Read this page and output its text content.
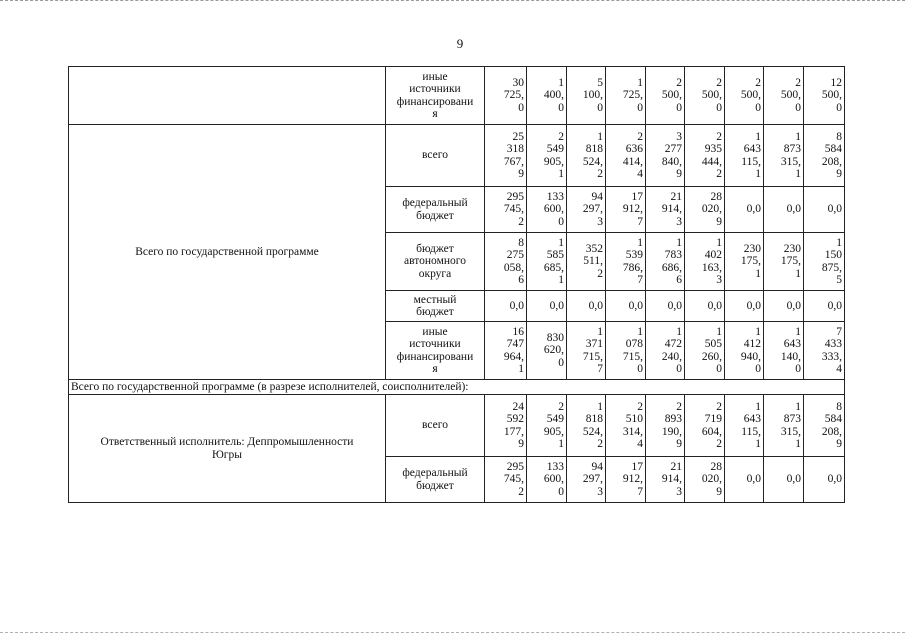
9

	иные
источники
финансировани
я	30
725,
0	1
400,
0	5
100,
0	1
725,
0	2
500,
0	2
500,
0	2
500,
0	2
500,
0	12
500,
0

Всего по государственной программе	всего	25
318
767,
9	2
549
905,
1	1
818
524,
2	2
636
414,
4	3
277
840,
9	2
935
444,
2	1
643
115,
1	1
873
315,
1	8
584
208,
9

	федеральный
бюджет	295
745,
2	133
600,
0	94
297,
3	17
912,
7	21
914,
3	28
020,
9	0,0	0,0	0,0

	бюджет
автономного
округа	8
275
058,
6	1
585
685,
1	352
511,
2	1
539
786,
7	1
783
686,
6	1
402
163,
3	230
175,
1	230
175,
1	1
150
875,
5

	местный
бюджет	0,0	0,0	0,0	0,0	0,0	0,0	0,0	0,0	0,0

	иные
источники
финансировани
я	16
747
964,
1	830
620,
0	1
371
715,
7	1
078
715,
0	1
472
240,
0	1
505
260,
0	1
412
940,
0	1
643
140,
0	7
433
333,
4

Всего по государственной программе (в разрезе исполнителей, соисполнителей):										
Ответственный исполнитель: Деппромышленности
Югры	всего	24
592
177,
9	2
549
905,
1	1
818
524,
2	2
510
314,
4	2
893
190,
9	2
719
604,
2	1
643
115,
1	1
873
315,
1	8
584
208,
9

	федеральный
бюджет	295
745,
2	133
600,
0	94
297,
3	17
912,
7	21
914,
3	28
020,
9	0,0	0,0	0,0
